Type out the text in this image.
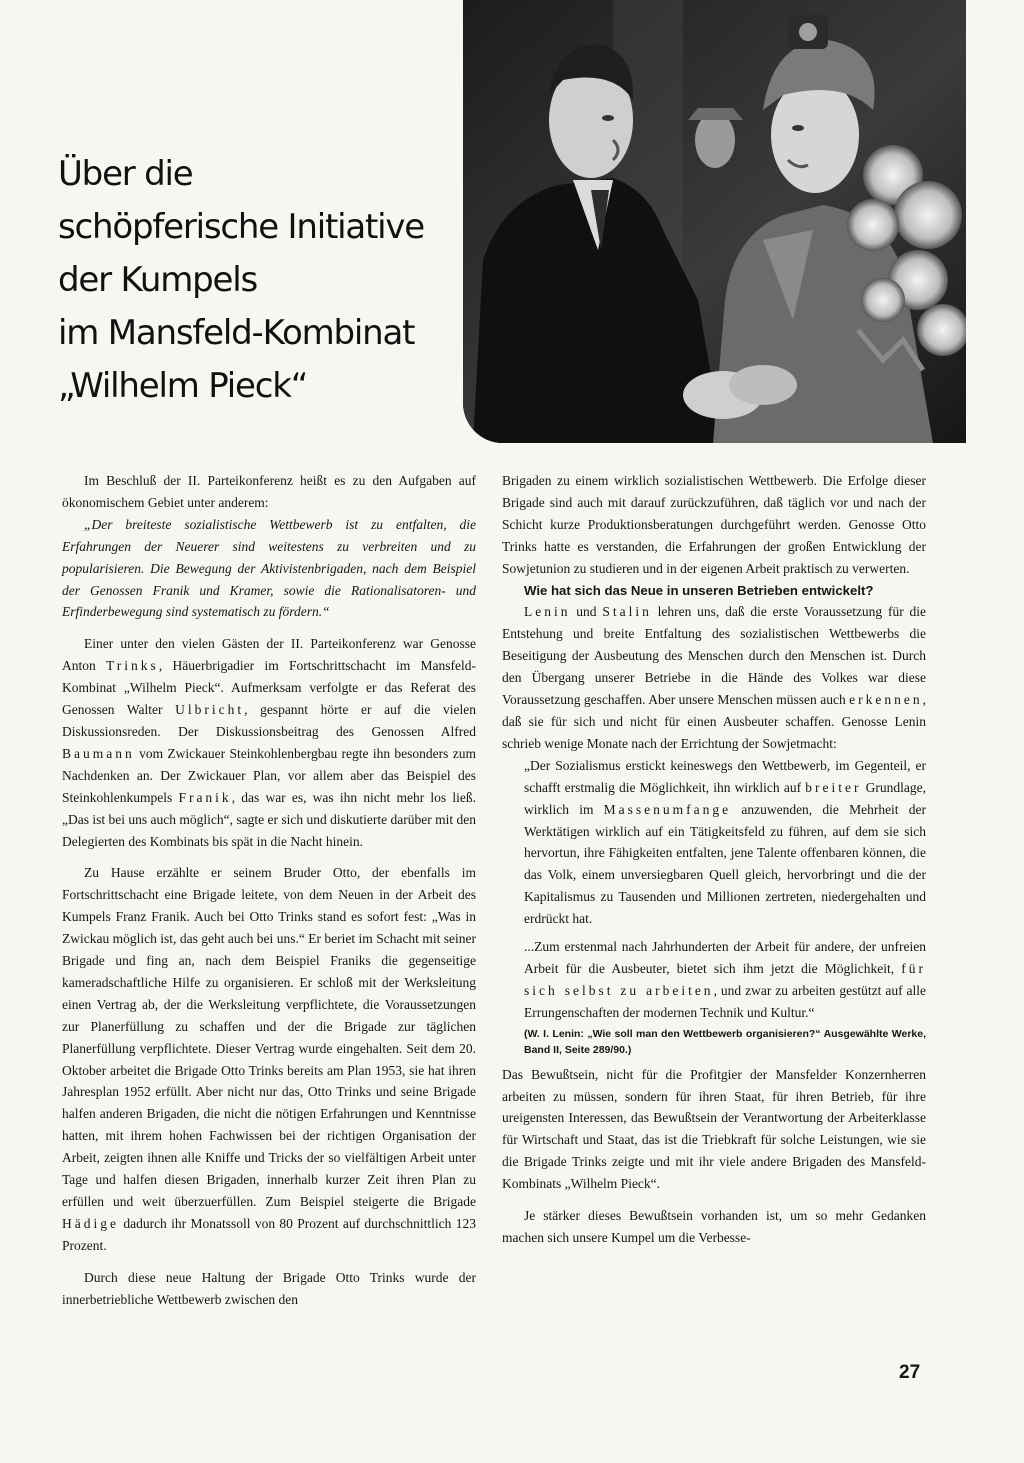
Über die
schöpferische Initiative
der Kumpels
im Mansfeld-Kombinat
„Wilhelm Pieck“

Im Beschluß der II. Parteikonferenz heißt es zu den Aufgaben auf ökonomischem Gebiet unter anderem:

„Der breiteste sozialistische Wettbewerb ist zu entfalten, die Erfahrungen der Neuerer sind weitestens zu verbreiten und zu popularisieren. Die Bewegung der Aktivistenbrigaden, nach dem Beispiel der Genossen Franik und Kramer, sowie die Rationalisatoren- und Erfinderbewegung sind systematisch zu fördern.“

Einer unter den vielen Gästen der II. Parteikonferenz war Genosse Anton Trinks, Häuerbrigadier im Fortschrittschacht im Mansfeld-Kombinat „Wilhelm Pieck“. Aufmerksam verfolgte er das Referat des Genossen Walter Ulbricht, gespannt hörte er auf die vielen Diskussionsreden. Der Diskussionsbeitrag des Genossen Alfred Baumann vom Zwickauer Steinkohlenbergbau regte ihn besonders zum Nachdenken an. Der Zwickauer Plan, vor allem aber das Beispiel des Steinkohlenkumpels Franik, das war es, was ihn nicht mehr los ließ. „Das ist bei uns auch möglich“, sagte er sich und diskutierte darüber mit den Delegierten des Kombinats bis spät in die Nacht hinein.

Zu Hause erzählte er seinem Bruder Otto, der ebenfalls im Fortschrittschacht eine Brigade leitete, von dem Neuen in der Arbeit des Kumpels Franz Franik. Auch bei Otto Trinks stand es sofort fest: „Was in Zwickau möglich ist, das geht auch bei uns.“ Er beriet im Schacht mit seiner Brigade und fing an, nach dem Beispiel Franiks die gegenseitige kameradschaftliche Hilfe zu organisieren. Er schloß mit der Werksleitung einen Vertrag ab, der die Werksleitung verpflichtete, die Voraussetzungen zur Planerfüllung zu schaffen und der die Brigade zur täglichen Planerfüllung verpflichtete. Dieser Vertrag wurde eingehalten. Seit dem 20. Oktober arbeitet die Brigade Otto Trinks bereits am Plan 1953, sie hat ihren Jahresplan 1952 erfüllt. Aber nicht nur das, Otto Trinks und seine Brigade halfen anderen Brigaden, die nicht die nötigen Erfahrungen und Kenntnisse hatten, mit ihrem hohen Fachwissen bei der richtigen Organisation der Arbeit, zeigten ihnen alle Kniffe und Tricks der so vielfältigen Arbeit unter Tage und halfen diesen Brigaden, innerhalb kurzer Zeit ihren Plan zu erfüllen und weit überzuerfüllen. Zum Beispiel steigerte die Brigade Hädige dadurch ihr Monatssoll von 80 Prozent auf durchschnittlich 123 Prozent.

Durch diese neue Haltung der Brigade Otto Trinks wurde der innerbetriebliche Wettbewerb zwischen den

Brigaden zu einem wirklich sozialistischen Wettbewerb. Die Erfolge dieser Brigade sind auch mit darauf zurückzuführen, daß täglich vor und nach der Schicht kurze Produktionsberatungen durchgeführt werden. Genosse Otto Trinks hatte es verstanden, die Erfahrungen der großen Entwicklung der Sowjetunion zu studieren und in der eigenen Arbeit praktisch zu verwerten.

Wie hat sich das Neue in unseren Betrieben entwickelt?

Lenin und Stalin lehren uns, daß die erste Voraussetzung für die Entstehung und breite Entfaltung des sozialistischen Wettbewerbs die Beseitigung der Ausbeutung des Menschen durch den Menschen ist. Durch den Übergang unserer Betriebe in die Hände des Volkes war diese Voraussetzung geschaffen. Aber unsere Menschen müssen auch erkennen, daß sie für sich und nicht für einen Ausbeuter schaffen. Genosse Lenin schrieb wenige Monate nach der Errichtung der Sowjetmacht:

„Der Sozialismus erstickt keineswegs den Wettbewerb, im Gegenteil, er schafft erstmalig die Möglichkeit, ihn wirklich auf breiter Grundlage, wirklich im Massenumfange anzuwenden, die Mehrheit der Werktätigen wirklich auf ein Tätigkeitsfeld zu führen, auf dem sie sich hervortun, ihre Fähigkeiten entfalten, jene Talente offenbaren können, die das Volk, einem unversiegbaren Quell gleich, hervorbringt und die der Kapitalismus zu Tausenden und Millionen zertreten, niedergehalten und erdrückt hat.

...Zum erstenmal nach Jahrhunderten der Arbeit für andere, der unfreien Arbeit für die Ausbeuter, bietet sich ihm jetzt die Möglichkeit, für sich selbst zu arbeiten, und zwar zu arbeiten gestützt auf alle Errungenschaften der modernen Technik und Kultur.“

(W. I. Lenin: „Wie soll man den Wettbewerb organisieren?“ Ausgewählte Werke, Band II, Seite 289/90.)

Das Bewußtsein, nicht für die Profitgier der Mansfelder Konzernherren arbeiten zu müssen, sondern für ihren Staat, für ihren Betrieb, für ihre ureigensten Interessen, das Bewußtsein der Verantwortung der Arbeiterklasse für Wirtschaft und Staat, das ist die Triebkraft für solche Leistungen, wie sie die Brigade Trinks zeigte und mit ihr viele andere Brigaden des Mansfeld-Kombinats „Wilhelm Pieck“.

Je stärker dieses Bewußtsein vorhanden ist, um so mehr Gedanken machen sich unsere Kumpel um die Verbesse-

27
